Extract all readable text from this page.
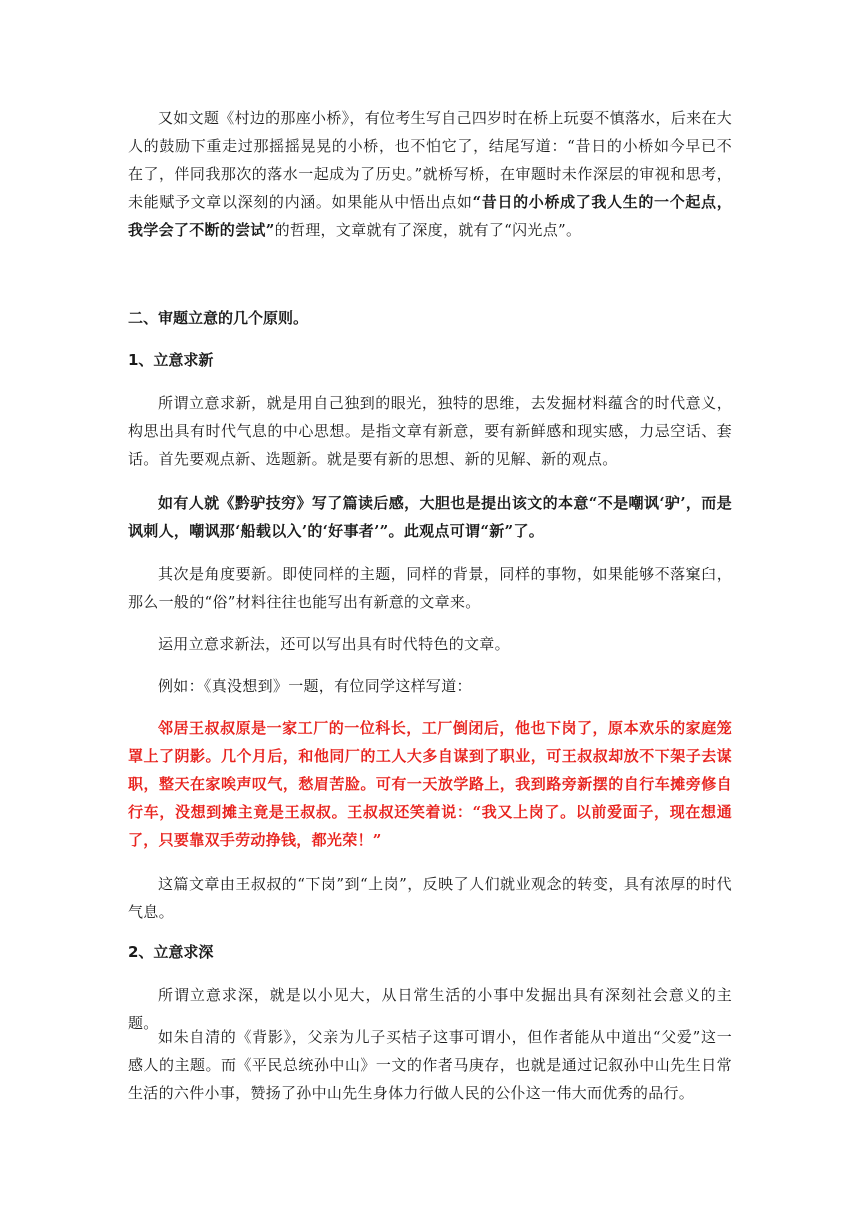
又如文题《村边的那座小桥》，有位考生写自己四岁时在桥上玩耍不慎落水，后来在大人的鼓励下重走过那摇摇晃晃的小桥，也不怕它了，结尾写道：“昔日的小桥如今早已不在了，伴同我那次的落水一起成为了历史。”就桥写桥，在审题时未作深层的审视和思考，未能赋予文章以深刻的内涵。如果能从中悟出点如“昔日的小桥成了我人生的一个起点，我学会了不断的尝试”的哲理，文章就有了深度，就有了“闪光点”。

二、审题立意的几个原则。
1、立意求新

所谓立意求新，就是用自己独到的眼光，独特的思维，去发掘材料蕴含的时代意义，构思出具有时代气息的中心思想。是指文章有新意，要有新鲜感和现实感，力忌空话、套话。首先要观点新、选题新。就是要有新的思想、新的见解、新的观点。

如有人就《黔驴技穷》写了篇读后感，大胆也是提出该文的本意“不是嘲讽‘驴’，而是讽刺人，嘲讽那‘船载以入’的‘好事者’”。此观点可谓“新”了。

其次是角度要新。即使同样的主题，同样的背景，同样的事物，如果能够不落窠臼，那么一般的“俗”材料往往也能写出有新意的文章来。

运用立意求新法，还可以写出具有时代特色的文章。

例如：《真没想到》一题，有位同学这样写道：

邻居王叔叔原是一家工厂的一位科长，工厂倒闭后，他也下岗了，原本欢乐的家庭笼罩上了阴影。几个月后，和他同厂的工人大多自谋到了职业，可王叔叔却放不下架子去谋职，整天在家唉声叹气，愁眉苦脸。可有一天放学路上，我到路旁新摆的自行车摊旁修自行车，没想到摊主竟是王叔叔。王叔叔还笑着说：“我又上岗了。以前爱面子，现在想通了，只要靠双手劳动挣钱，都光荣！”

这篇文章由王叔叔的“下岗”到“上岗”，反映了人们就业观念的转变，具有浓厚的时代气息。

2、立意求深

所谓立意求深，就是以小见大，从日常生活的小事中发掘出具有深刻社会意义的主题。

如朱自清的《背影》，父亲为儿子买桔子这事可谓小，但作者能从中道出“父爱”这一感人的主题。而《平民总统孙中山》一文的作者马庚存，也就是通过记叙孙中山先生日常生活的六件小事，赞扬了孙中山先生身体力行做人民的公仆这一伟大而优秀的品行。
